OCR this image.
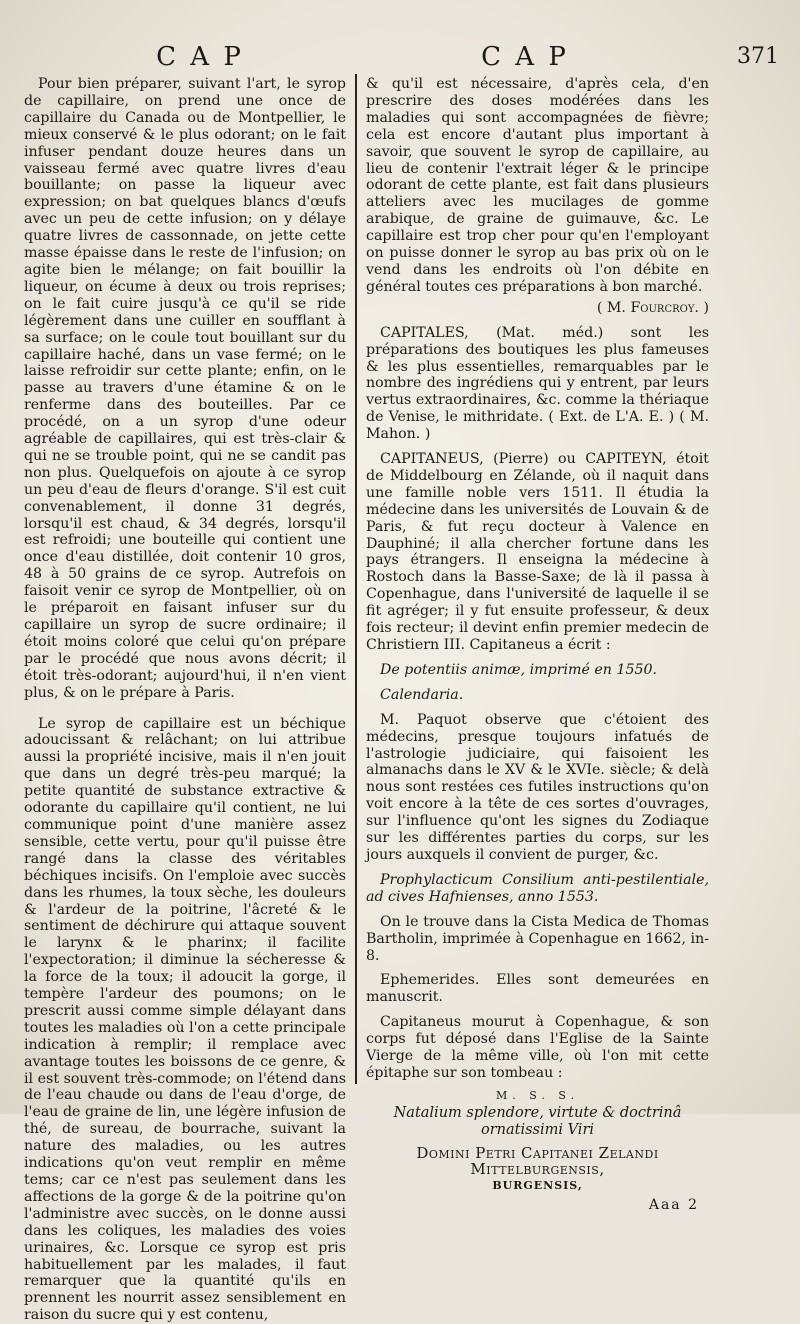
C A P	C A P	371

Pour bien préparer, suivant l'art, le syrop de capillaire, on prend une once de capillaire du Canada ou de Montpellier, le mieux conservé & le plus odorant; on le fait infuser pendant douze heures dans un vaisseau fermé avec quatre livres d'eau bouillante; on passe la liqueur avec expression; on bat quelques blancs d'œufs avec un peu de cette infusion; on y délaye quatre livres de cassonnade, on jette cette masse épaisse dans le reste de l'infusion; on agite bien le mélange; on fait bouillir la liqueur, on écume à deux ou trois reprises; on le fait cuire jusqu'à ce qu'il se ride légèrement dans une cuiller en soufflant à sa surface; on le coule tout bouillant sur du capillaire haché, dans un vase fermé; on le laisse refroidir sur cette plante; enfin, on le passe au travers d'une étamine & on le renferme dans des bouteilles. Par ce procédé, on a un syrop d'une odeur agréable de capillaires, qui est très-clair & qui ne se trouble point, qui ne se candit pas non plus. Quelquefois on ajoute à ce syrop un peu d'eau de fleurs d'orange. S'il est cuit convenablement, il donne 31 degrés, lorsqu'il est chaud, & 34 degrés, lorsqu'il est refroidi; une bouteille qui contient une once d'eau distillée, doit contenir 10 gros, 48 à 50 grains de ce syrop. Autrefois on faisoit venir ce syrop de Montpellier, où on le préparoit en faisant infuser sur du capillaire un syrop de sucre ordinaire; il étoit moins coloré que celui qu'on prépare par le procédé que nous avons décrit; il étoit très-odorant; aujourd'hui, il n'en vient plus, & on le prépare à Paris.

Le syrop de capillaire est un béchique adoucissant & relâchant; on lui attribue aussi la propriété incisive, mais il n'en jouit que dans un degré très-peu marqué; la petite quantité de substance extractive & odorante du capillaire qu'il contient, ne lui communique point d'une manière assez sensible, cette vertu, pour qu'il puisse être rangé dans la classe des véritables béchiques incisifs. On l'emploie avec succès dans les rhumes, la toux sèche, les douleurs & l'ardeur de la poitrine, l'âcreté & le sentiment de déchirure qui attaque souvent le larynx & le pharinx; il facilite l'expectoration; il diminue la sécheresse & la force de la toux; il adoucit la gorge, il tempère l'ardeur des poumons; on le prescrit aussi comme simple délayant dans toutes les maladies où l'on a cette principale indication à remplir; il remplace avec avantage toutes les boissons de ce genre, & il est souvent très-commode; on l'étend dans de l'eau chaude ou dans de l'eau d'orge, de l'eau de graine de lin, une légère infusion de thé, de sureau, de bourrache, suivant la nature des maladies, ou les autres indications qu'on veut remplir en même tems; car ce n'est pas seulement dans les affections de la gorge & de la poitrine qu'on l'administre avec succès, on le donne aussi dans les coliques, les maladies des voies urinaires, &c. Lorsque ce syrop est pris habituellement par les malades, il faut remarquer que la quantité qu'ils en prennent les nourrit assez sensiblement en raison du sucre qui y est contenu,

& qu'il est nécessaire, d'après cela, d'en prescrire des doses modérées dans les maladies qui sont accompagnées de fièvre; cela est encore d'autant plus important à savoir, que souvent le syrop de capillaire, au lieu de contenir l'extrait léger & le principe odorant de cette plante, est fait dans plusieurs atteliers avec les mucilages de gomme arabique, de graine de guimauve, &c. Le capillaire est trop cher pour qu'en l'employant on puisse donner le syrop au bas prix où on le vend dans les endroits où l'on débite en général toutes ces préparations à bon marché.

( M. Fourcroy. )

CAPITALES, (Mat. méd.) sont les préparations des boutiques les plus fameuses & les plus essentielles, remarquables par le nombre des ingrédiens qui y entrent, par leurs vertus extraordinaires, &c. comme la thériaque de Venise, le mithridate. ( Ext. de L'A. E. ) ( M. Mahon. )

CAPITANEUS, (Pierre) ou CAPITEYN, étoit de Middelbourg en Zélande, où il naquit dans une famille noble vers 1511. Il étudia la médecine dans les universités de Louvain & de Paris, & fut reçu docteur à Valence en Dauphiné; il alla chercher fortune dans les pays étrangers. Il enseigna la médecine à Rostoch dans la Basse-Saxe; de là il passa à Copenhague, dans l'université de laquelle il se fit agréger; il y fut ensuite professeur, & deux fois recteur; il devint enfin premier medecin de Christiern III. Capitaneus a écrit :

De potentiis animæ, imprimé en 1550.

Calendaria.

M. Paquot observe que c'étoient des médecins, presque toujours infatués de l'astrologie judiciaire, qui faisoient les almanachs dans le XV & le XVIe. siècle; & delà nous sont restées ces futiles instructions qu'on voit encore à la tête de ces sortes d'ouvrages, sur l'influence qu'ont les signes du Zodiaque sur les différentes parties du corps, sur les jours auxquels il convient de purger, &c.

Prophylacticum Consilium anti-pestilentiale, ad cives Hafnienses, anno 1553.

On le trouve dans la Cista Medica de Thomas Bartholin, imprimée à Copenhague en 1662, in-8.

Ephemerides. Elles sont demeurées en manuscrit.

Capitaneus mourut à Copenhague, & son corps fut déposé dans l'Eglise de la Sainte Vierge de la même ville, où l'on mit cette épitaphe sur son tombeau :

M. S. S.

Natalium splendore, virtute & doctrinâ

ornatissimi Viri

Domini Petri Capitanei Zelandi Mittelburgensis,

BURGENSIS,

Aaa 2
